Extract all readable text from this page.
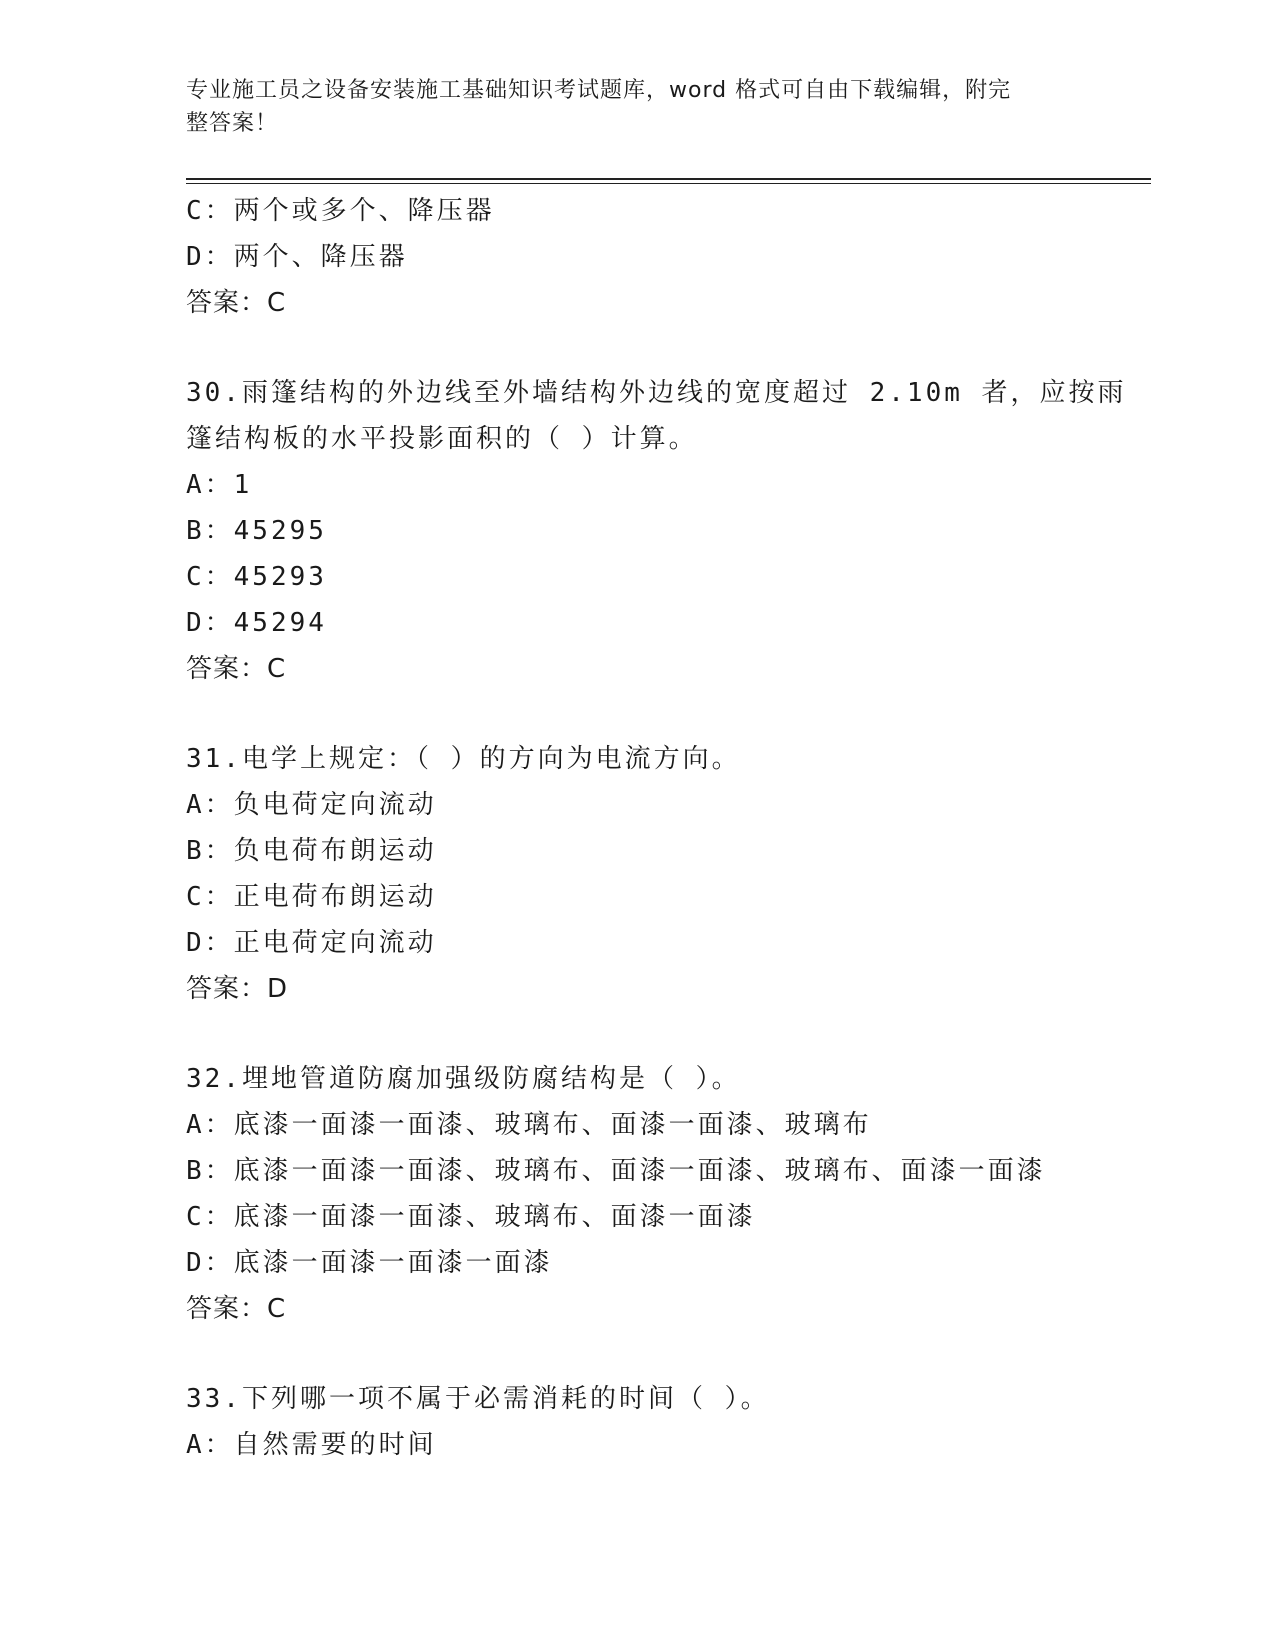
专业施工员之设备安装施工基础知识考试题库，word 格式可自由下载编辑，附完
整答案！
C：两个或多个、降压器
D：两个、降压器
答案：C
30.雨篷结构的外边线至外墙结构外边线的宽度超过 2.10m 者，应按雨
篷结构板的水平投影面积的（ ）计算。
A：1
B：45295
C：45293
D：45294
答案：C
31.电学上规定：（ ）的方向为电流方向。
A：负电荷定向流动
B：负电荷布朗运动
C：正电荷布朗运动
D：正电荷定向流动
答案：D
32.埋地管道防腐加强级防腐结构是（ ）。
A：底漆一面漆一面漆、玻璃布、面漆一面漆、玻璃布
B：底漆一面漆一面漆、玻璃布、面漆一面漆、玻璃布、面漆一面漆
C：底漆一面漆一面漆、玻璃布、面漆一面漆
D：底漆一面漆一面漆一面漆
答案：C
33.下列哪一项不属于必需消耗的时间（ ）。
A：自然需要的时间
